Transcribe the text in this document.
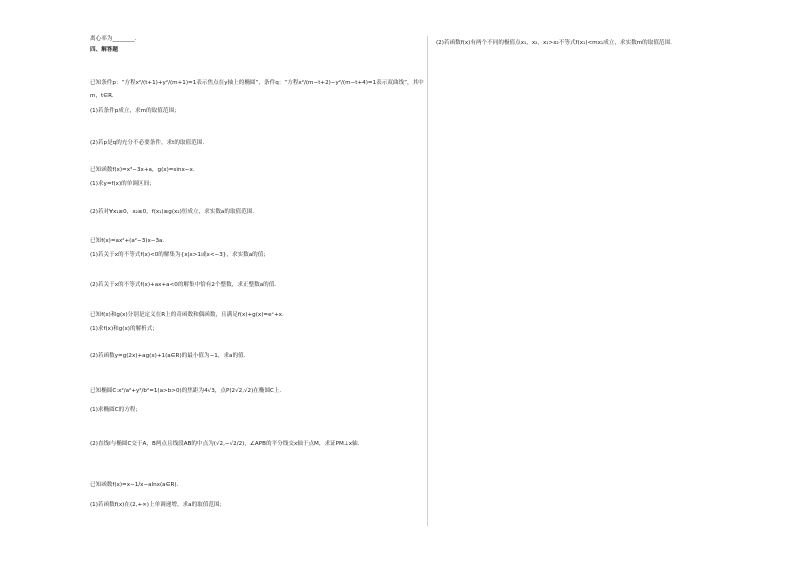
离心率为________.
四、解答题
已知条件p：“方程x²/(t+1)+y²/(m+1)=1表示焦点在y轴上的椭圆”，条件q：“方程x²/(m−t+2)−y²/(m−t+4)=1表示双曲线”，其中
m，t∈R.
(1)若条件p成立，求m的取值范围；
(2)若p是q的充分不必要条件，求t的取值范围.
已知函数f(x)=x³−3x+a，g(x)=sinx−x.
(1)求y=f(x)的单调区间；
(2)若对∀x₁≥0，x₂≥0，f(x₁)≥g(x₂)恒成立，求实数a的取值范围.
已知f(x)=ax²+(a²−3)x−3a.
(1)若关于x的不等式f(x)<0的解集为{x|x>1或x<−3}，求实数a的值；
(2)若关于x的不等式f(x)+ax+a<0的解集中恰有2个整数，求正整数a的值.
已知f(x)和g(x)分别是定义在R上的奇函数和偶函数，且满足f(x)+g(x)=eˣ+x.
(1)求f(x)和g(x)的解析式；
(2)若函数y=g(2x)+ag(x)+1(a∈R)的最小值为−1，求a的值.
已知椭圆C:x²/a²+y²/b²=1(a>b>0)的焦距为4√3，点P(2√2,√2)在椭圆C上.
(1)求椭圆C的方程；
(2)直线l与椭圆C交于A，B两点且线段AB的中点为(√2,−√2/2)，∠APB的平分线交x轴于点M，求证PM⊥x轴.
已知函数f(x)=x−1/x−alnx(a∈R).
(1)若函数f(x)在(2,+∞)上单调递增，求a的取值范围；
(2)若函数f(x)有两个不同的极值点x₁，x₂，x₁>x₂不等式f(x₁)<mx₁成立，求实数m的取值范围.
